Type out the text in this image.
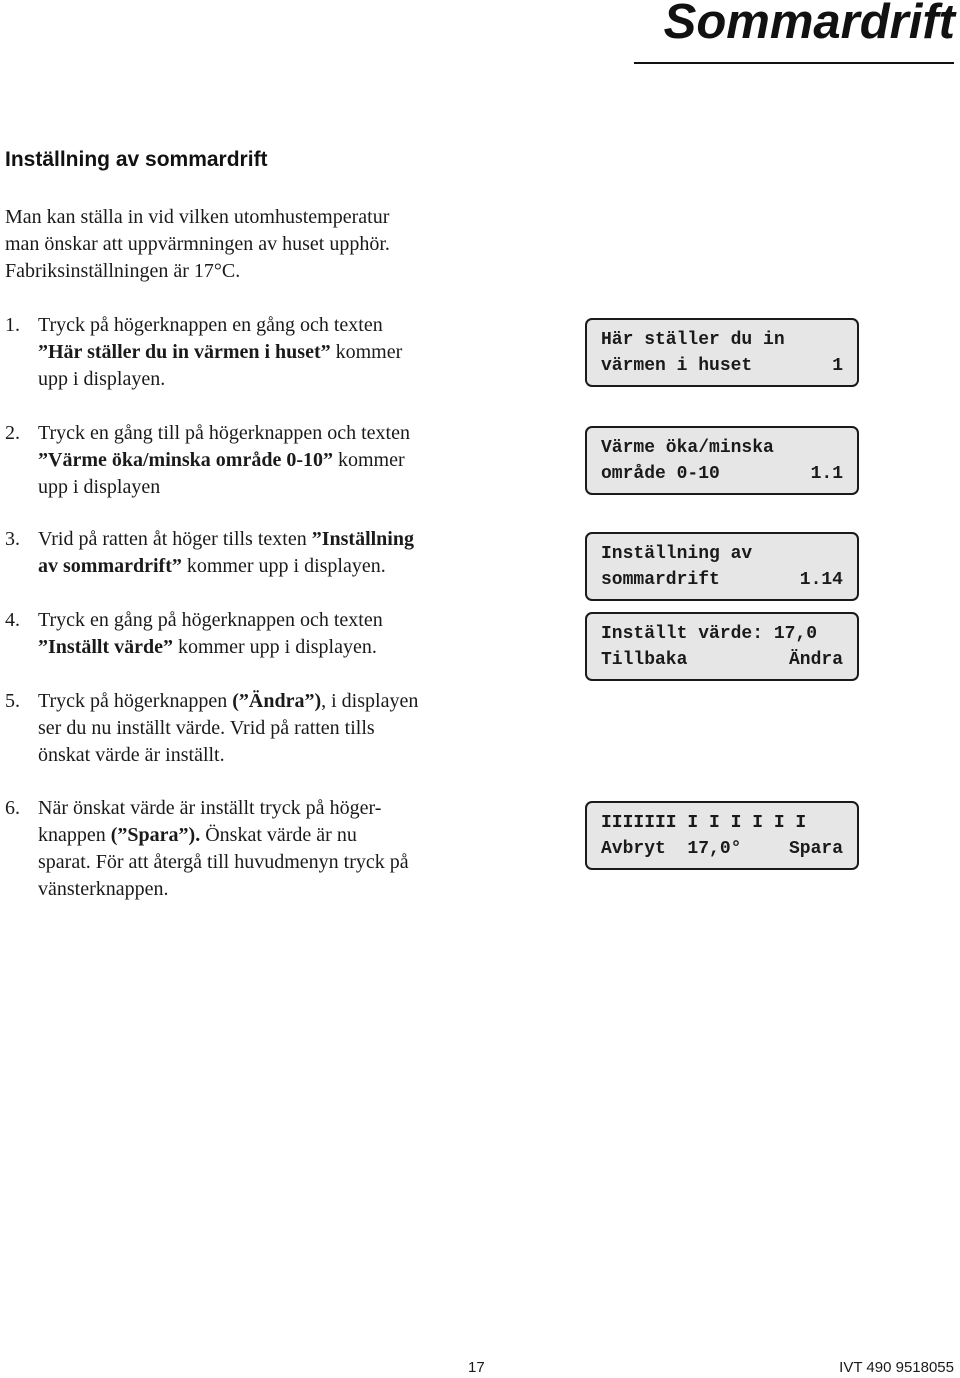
Sommardrift
Inställning av sommardrift
Man kan ställa in vid vilken utomhustemperatur
man önskar att uppvärmningen av huset upphör.
Fabriksinställningen är 17°C.
1. Tryck på högerknappen en gång och texten
”Här ställer du in värmen i huset” kommer
upp i displayen.
2. Tryck en gång till på högerknappen och texten
”Värme öka/minska område 0-10” kommer
upp i displayen
3. Vrid på ratten åt höger tills texten ”Inställning
av sommardrift” kommer upp i displayen.
4. Tryck en gång på högerknappen och texten
”Inställt värde” kommer upp i displayen.
5. Tryck på högerknappen (”Ändra”), i displayen
ser du nu inställt värde. Vrid på ratten tills
önskat värde är inställt.
6. När önskat värde är inställt tryck på höger-
knappen (”Spara”). Önskat värde är nu
sparat. För att återgå till huvudmenyn tryck på
vänsterknappen.
Här ställer du in
värmen i huset	1
Värme öka/minska
område 0-10	1.1
Inställning av
sommardrift	1.14
Inställt värde: 17,0
Tillbaka	Ändra
IIIIIII I I I I I I
Avbryt  17,0°	Spara
17	IVT 490 9518055
